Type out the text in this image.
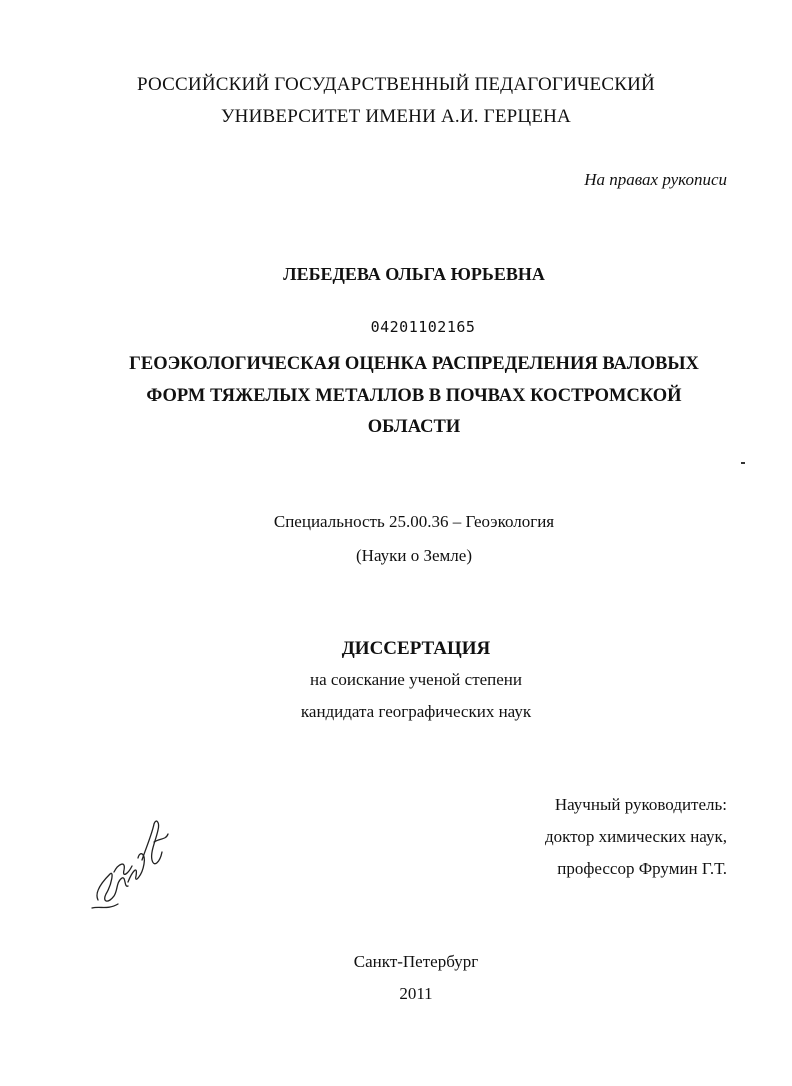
РОССИЙСКИЙ ГОСУДАРСТВЕННЫЙ ПЕДАГОГИЧЕСКИЙ
УНИВЕРСИТЕТ ИМЕНИ А.И. ГЕРЦЕНА
На правах рукописи
ЛЕБЕДЕВА ОЛЬГА ЮРЬЕВНА
04201102165
ГЕОЭКОЛОГИЧЕСКАЯ ОЦЕНКА РАСПРЕДЕЛЕНИЯ ВАЛОВЫХ
ФОРМ ТЯЖЕЛЫХ МЕТАЛЛОВ В ПОЧВАХ КОСТРОМСКОЙ
ОБЛАСТИ
Специальность 25.00.36 – Геоэкология
(Науки о Земле)
ДИССЕРТАЦИЯ
на соискание ученой степени
кандидата географических наук
Научный руководитель:
доктор химических наук,
профессор Фрумин Г.Т.
Санкт-Петербург
2011
